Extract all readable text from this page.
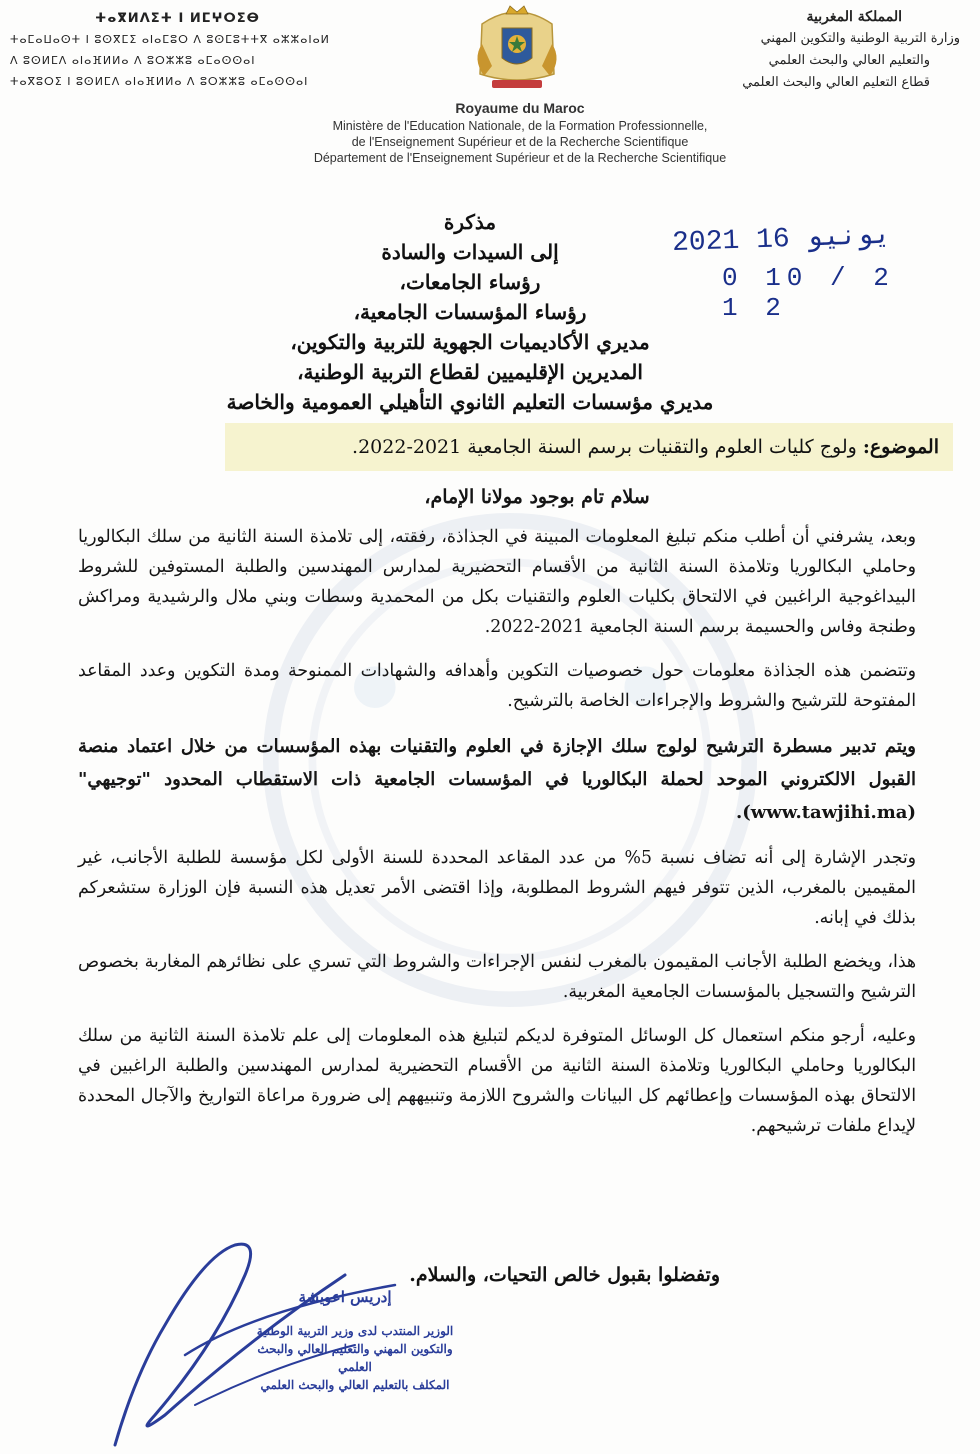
ⵜⴰⴳⵍⴷⵉⵜ ⵏ ⵍⵎⵖⵔⵉⴱ
ⵜⴰⵎⴰⵡⴰⵙⵜ ⵏ ⵓⵙⴳⵎⵉ ⴰⵏⴰⵎⵓⵔ ⴷ ⵓⵙⵎⵓⵜⵜⴳ ⴰⵣⵣⴰⵏⴰⵍ
ⴷ ⵓⵙⵍⵎⴷ ⴰⵏⴰⴼⵍⵍⴰ ⴷ ⵓⵔⵣⵣⵓ ⴰⵎⴰⵙⵙⴰⵏ
ⵜⴰⴳⵓⵔⵉ ⵏ ⵓⵙⵍⵎⴷ ⴰⵏⴰⴼⵍⵍⴰ ⴷ ⵓⵔⵣⵣⵓ ⴰⵎⴰⵙⵙⴰⵏ
المملكة المغربية
وزارة التربية الوطنية والتكوين المهني
والتعليم العالي والبحث العلمي
قطاع التعليم العالي والبحث العلمي
Royaume du Maroc
Ministère de l'Education Nationale, de la Formation Professionnelle,
de l'Enseignement Supérieur et de la Recherche Scientifique
Département de l'Enseignement Supérieur et de la Recherche Scientifique
2021 يونيو 16
0 10 / 2 1 2
مذكرة
إلى السيدات والسادة
رؤساء الجامعات،
رؤساء المؤسسات الجامعية،
مديري الأكاديميات الجهوية للتربية والتكوين،
المديرين الإقليميين لقطاع التربية الوطنية،
مديري مؤسسات التعليم الثانوي التأهيلي العمومية والخاصة
الموضوع: ولوج كليات العلوم والتقنيات برسم السنة الجامعية 2021-2022.

سلام تام بوجود مولانا الإمام،

وبعد، يشرفني أن أطلب منكم تبليغ المعلومات المبينة في الجذاذة، رفقته، إلى تلامذة السنة الثانية من سلك البكالوريا وحاملي البكالوريا وتلامذة السنة الثانية من الأقسام التحضيرية لمدارس المهندسين والطلبة المستوفين للشروط البيداغوجية الراغبين في الالتحاق بكليات العلوم والتقنيات بكل من المحمدية وسطات وبني ملال والرشيدية ومراكش وطنجة وفاس والحسيمة برسم السنة الجامعية 2021-2022.

وتتضمن هذه الجذاذة معلومات حول خصوصيات التكوين وأهدافه والشهادات الممنوحة ومدة التكوين وعدد المقاعد المفتوحة للترشيح والشروط والإجراءات الخاصة بالترشيح.

ويتم تدبير مسطرة الترشيح لولوج سلك الإجازة في العلوم والتقنيات بهذه المؤسسات من خلال اعتماد منصة القبول الالكتروني الموحد لحملة البكالوريا في المؤسسات الجامعية ذات الاستقطاب المحدود "توجيهي" (www.tawjihi.ma).

وتجدر الإشارة إلى أنه تضاف نسبة 5% من عدد المقاعد المحددة للسنة الأولى لكل مؤسسة للطلبة الأجانب، غير المقيمين بالمغرب، الذين تتوفر فيهم الشروط المطلوبة، وإذا اقتضى الأمر تعديل هذه النسبة فإن الوزارة ستشعركم بذلك في إبانه.

هذا، ويخضع الطلبة الأجانب المقيمون بالمغرب لنفس الإجراءات والشروط التي تسري على نظائرهم المغاربة بخصوص الترشيح والتسجيل بالمؤسسات الجامعية المغربية.

وعليه، أرجو منكم استعمال كل الوسائل المتوفرة لديكم لتبليغ هذه المعلومات إلى علم تلامذة السنة الثانية من سلك البكالوريا وحاملي البكالوريا وتلامذة السنة الثانية من الأقسام التحضيرية لمدارس المهندسين والطلبة الراغبين في الالتحاق بهذه المؤسسات وإعطائهم كل البيانات والشروح اللازمة وتنبيههم إلى ضرورة مراعاة التواريخ والآجال المحددة لإيداع ملفات ترشيحهم.

وتفضلوا بقبول خالص التحيات، والسلام.
إدريس اعويشة
الوزير المنتدب لدى وزير التربية الوطنية
والتكوين المهني والتعليم العالي والبحث العلمي
المكلف بالتعليم العالي والبحث العلمي
